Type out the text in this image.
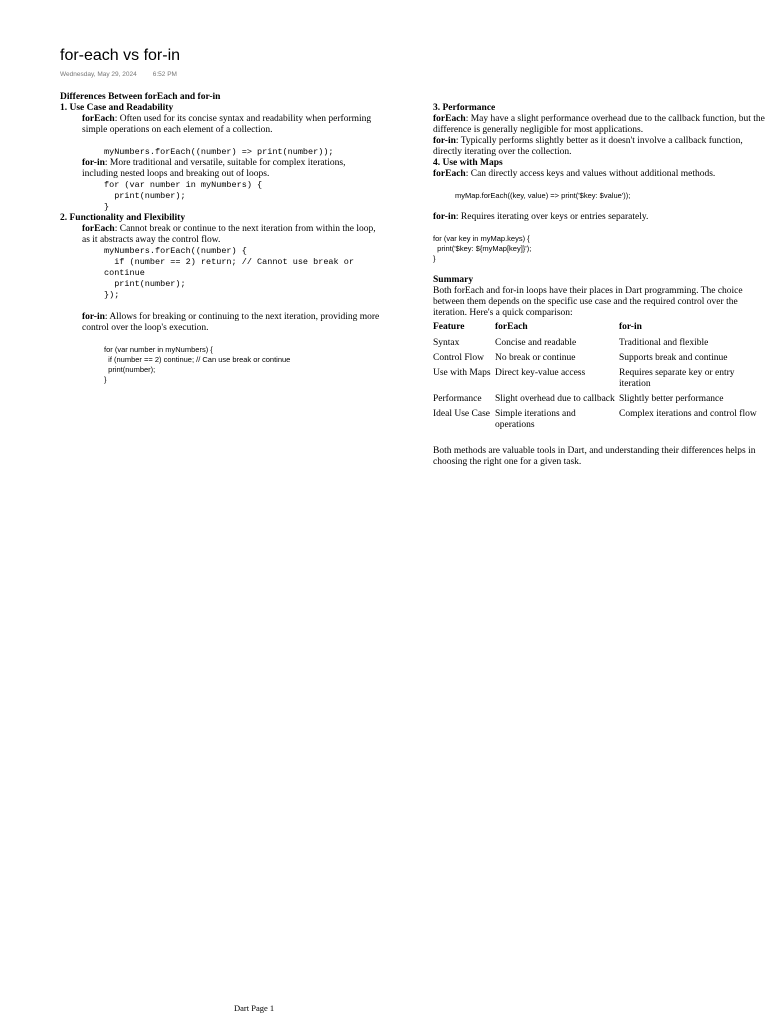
for-each vs for-in
Wednesday, May 29, 2024 6:52 PM
Differences Between forEach and for-in
1. Use Case and Readability

forEach: Often used for its concise syntax and readability when performing simple operations on each element of a collection.

myNumbers.forEach((number) => print(number));

for-in: More traditional and versatile, suitable for complex iterations, including nested loops and breaking out of loops.

for (var number in myNumbers) {
print(number);
}
2. Functionality and Flexibility

forEach: Cannot break or continue to the next iteration from within the loop, as it abstracts away the control flow.

myNumbers.forEach((number) {
if (number == 2) return; // Cannot use break or
continue
print(number);
});

for-in: Allows for breaking or continuing to the next iteration, providing more control over the loop's execution.

for (var number in myNumbers) {
if (number == 2) continue; // Can use break or continue
print(number);
}
3. Performance

forEach: May have a slight performance overhead due to the callback function, but the difference is generally negligible for most applications.

for-in: Typically performs slightly better as it doesn't involve a callback function, directly iterating over the collection.

4. Use with Maps

forEach: Can directly access keys and values without additional methods.

myMap.forEach((key, value) => print('$key: $value'));

for-in: Requires iterating over keys or entries separately.

for (var key in myMap.keys) {
print('$key: ${myMap[key]}');
}
Summary

Both forEach and for-in loops have their places in Dart programming. The choice between them depends on the specific use case and the required control over the iteration. Here's a quick comparison:

Feature	forEach	for-in
Syntax	Concise and readable	Traditional and flexible
Control Flow	No break or continue	Supports break and continue
Use with Maps	Direct key-value access	Requires separate key or entry iteration
Performance	Slight overhead due to callback	Slightly better performance
Ideal Use Case	Simple iterations and operations	Complex iterations and control flow

Both methods are valuable tools in Dart, and understanding their differences helps in choosing the right one for a given task.

Dart Page 1
